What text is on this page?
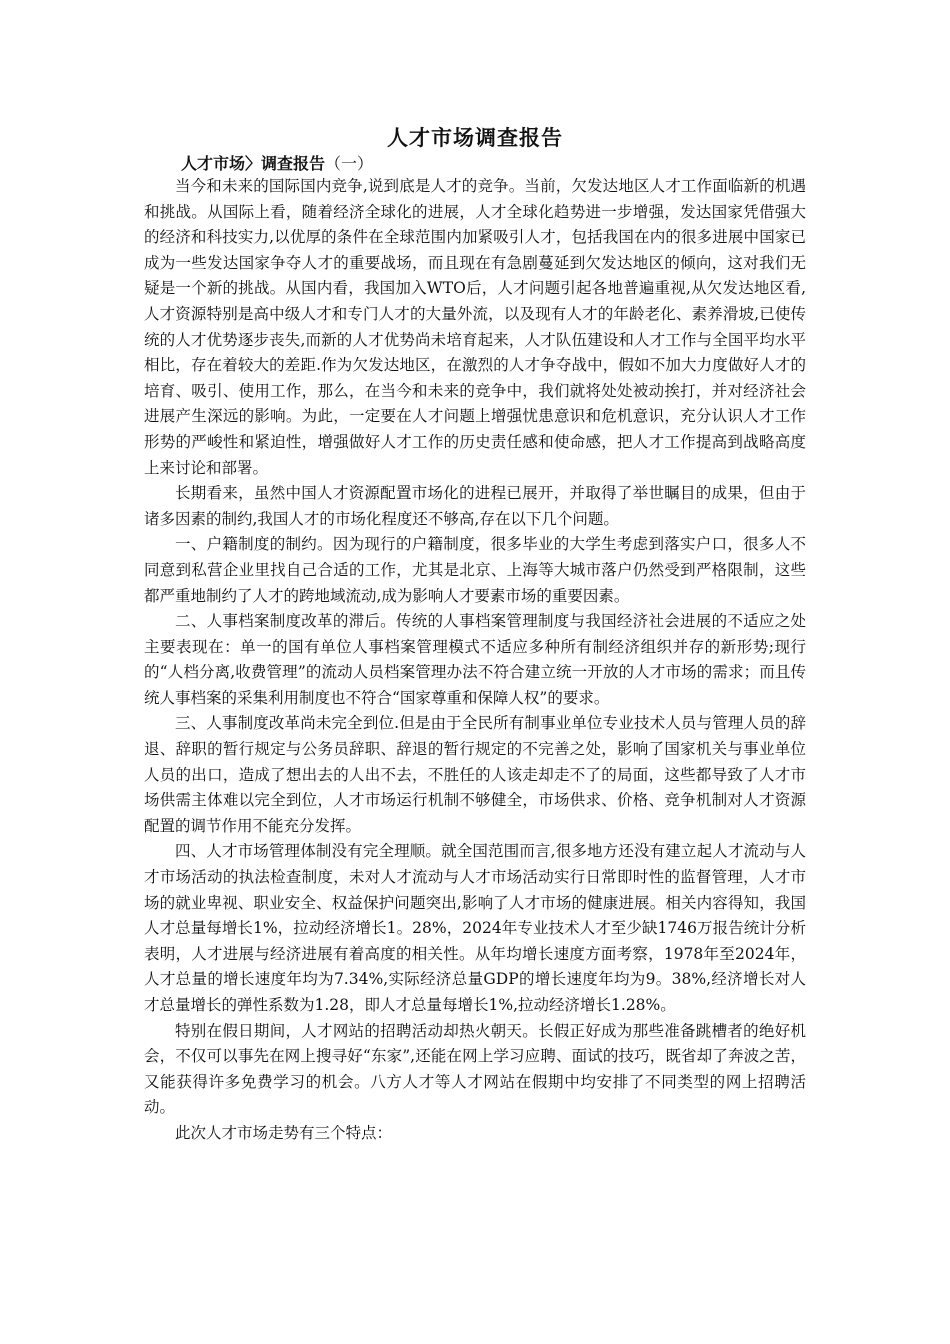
人才市场调查报告
人才市场〉调查报告（一）

当今和未来的国际国内竞争,说到底是人才的竞争。当前，欠发达地区人才工作面临新的机遇和挑战。从国际上看，随着经济全球化的进展，人才全球化趋势进一步增强，发达国家凭借强大的经济和科技实力,以优厚的条件在全球范围内加紧吸引人才，包括我国在内的很多进展中国家已成为一些发达国家争夺人才的重要战场，而且现在有急剧蔓延到欠发达地区的倾向，这对我们无疑是一个新的挑战。从国内看，我国加入WTO后，人才问题引起各地普遍重视,从欠发达地区看,人才资源特别是高中级人才和专门人才的大量外流，以及现有人才的年龄老化、素养滑坡,已使传统的人才优势逐步丧失,而新的人才优势尚未培育起来，人才队伍建设和人才工作与全国平均水平相比，存在着较大的差距.作为欠发达地区，在激烈的人才争夺战中，假如不加大力度做好人才的培育、吸引、使用工作，那么，在当今和未来的竞争中，我们就将处处被动挨打，并对经济社会进展产生深远的影响。为此，一定要在人才问题上增强忧患意识和危机意识，充分认识人才工作形势的严峻性和紧迫性，增强做好人才工作的历史责任感和使命感，把人才工作提高到战略高度上来讨论和部署。

长期看来，虽然中国人才资源配置市场化的进程已展开，并取得了举世瞩目的成果，但由于诸多因素的制约,我国人才的市场化程度还不够高,存在以下几个问题。

一、户籍制度的制约。因为现行的户籍制度，很多毕业的大学生考虑到落实户口，很多人不同意到私营企业里找自己合适的工作，尤其是北京、上海等大城市落户仍然受到严格限制，这些都严重地制约了人才的跨地域流动,成为影响人才要素市场的重要因素。

二、人事档案制度改革的滞后。传统的人事档案管理制度与我国经济社会进展的不适应之处主要表现在：单一的国有单位人事档案管理模式不适应多种所有制经济组织并存的新形势;现行的“人档分离,收费管理”的流动人员档案管理办法不符合建立统一开放的人才市场的需求；而且传统人事档案的采集利用制度也不符合“国家尊重和保障人权”的要求。

三、人事制度改革尚未完全到位.但是由于全民所有制事业单位专业技术人员与管理人员的辞退、辞职的暂行规定与公务员辞职、辞退的暂行规定的不完善之处，影响了国家机关与事业单位人员的出口，造成了想出去的人出不去，不胜任的人该走却走不了的局面，这些都导致了人才市场供需主体难以完全到位，人才市场运行机制不够健全，市场供求、价格、竞争机制对人才资源配置的调节作用不能充分发挥。

四、人才市场管理体制没有完全理顺。就全国范围而言,很多地方还没有建立起人才流动与人才市场活动的执法检查制度，未对人才流动与人才市场活动实行日常即时性的监督管理，人才市场的就业卑视、职业安全、权益保护问题突出,影响了人才市场的健康进展。相关内容得知，我国人才总量每增长1%，拉动经济增长1。28%，2024年专业技术人才至少缺1746万报告统计分析表明，人才进展与经济进展有着高度的相关性。从年均增长速度方面考察，1978年至2024年，人才总量的增长速度年均为7.34%,实际经济总量GDP的增长速度年均为9。38%,经济增长对人才总量增长的弹性系数为1.28，即人才总量每增长1%,拉动经济增长1.28%。

特别在假日期间，人才网站的招聘活动却热火朝天。长假正好成为那些准备跳槽者的绝好机会，不仅可以事先在网上搜寻好“东家”,还能在网上学习应聘、面试的技巧，既省却了奔波之苦，又能获得许多免费学习的机会。八方人才等人才网站在假期中均安排了不同类型的网上招聘活动。

此次人才市场走势有三个特点：
